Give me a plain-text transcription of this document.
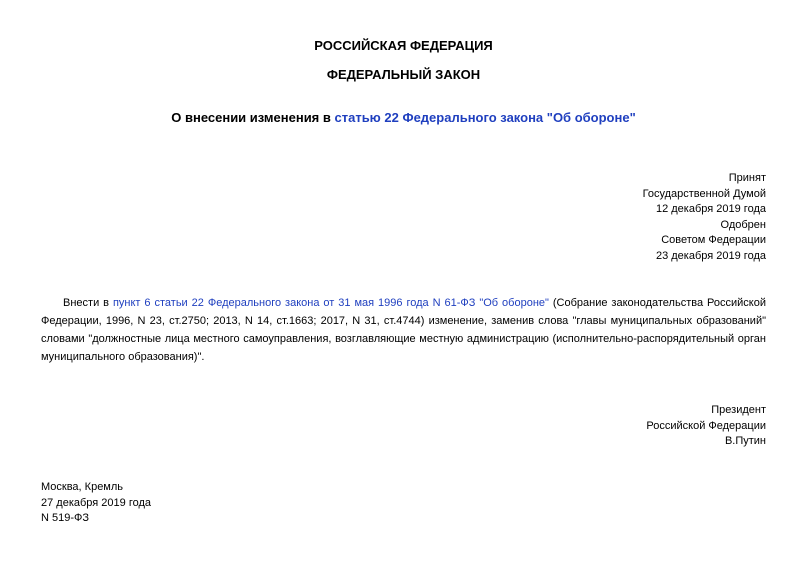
РОССИЙСКАЯ ФЕДЕРАЦИЯ
ФЕДЕРАЛЬНЫЙ ЗАКОН
О внесении изменения в статью 22 Федерального закона "Об обороне"
Принят
Государственной Думой
12 декабря 2019 года
Одобрен
Советом Федерации
23 декабря 2019 года
Внести в пункт 6 статьи 22 Федерального закона от 31 мая 1996 года N 61-ФЗ "Об обороне" (Собрание законодательства Российской Федерации, 1996, N 23, ст.2750; 2013, N 14, ст.1663; 2017, N 31, ст.4744) изменение, заменив слова "главы муниципальных образований" словами "должностные лица местного самоуправления, возглавляющие местную администрацию (исполнительно-распорядительный орган муниципального образования)".
Президент
Российской Федерации
В.Путин
Москва, Кремль
27 декабря 2019 года
N 519-ФЗ
